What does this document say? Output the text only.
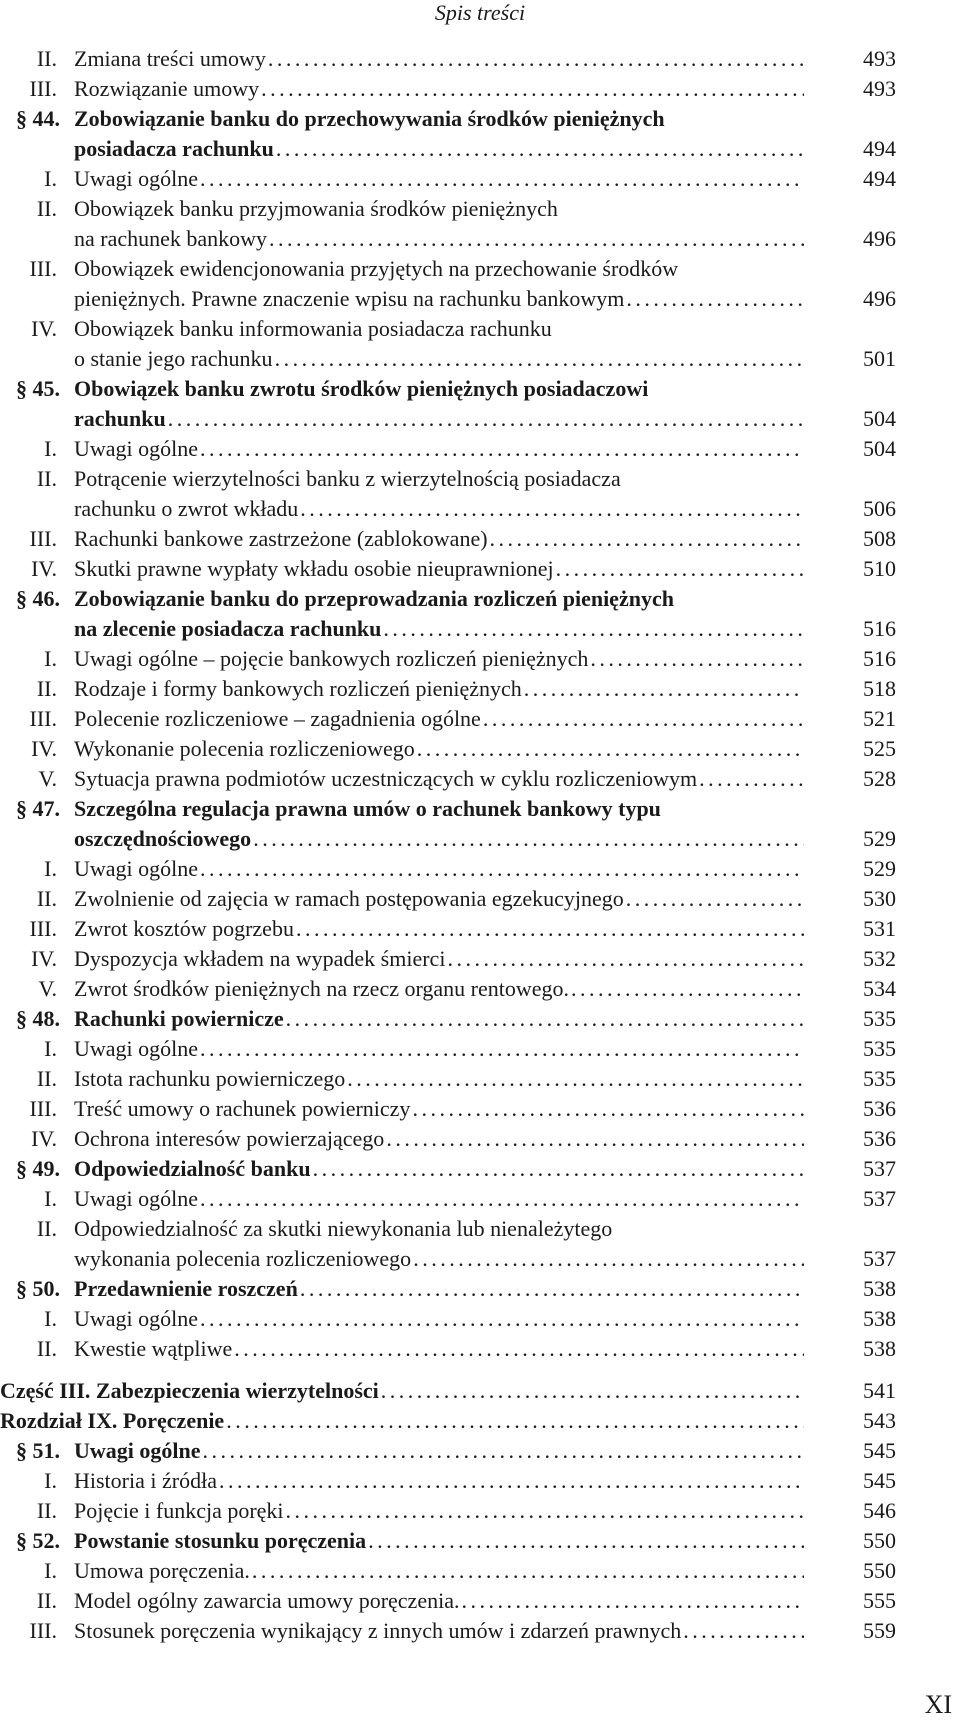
Spis treści
II. Zmiana treści umowy . . .	493
III. Rozwiązanie umowy . . .	493
§ 44. Zobowiązanie banku do przechowywania środków pieniężnych
posiadacza rachunku . . .	494
I. Uwagi ogólne . . .	494
II. Obowiązek banku przyjmowania środków pieniężnych
na rachunek bankowy . . .	496
III. Obowiązek ewidencjonowania przyjętych na przechowanie środków
pieniężnych. Prawne znaczenie wpisu na rachunku bankowym . . .	496
IV. Obowiązek banku informowania posiadacza rachunku
o stanie jego rachunku . . .	501
§ 45. Obowiązek banku zwrotu środków pieniężnych posiadaczowi
rachunku . . .	504
I. Uwagi ogólne . . .	504
II. Potrącenie wierzytelności banku z wierzytelnością posiadacza
rachunku o zwrot wkładu . . .	506
III. Rachunki bankowe zastrzeżone (zablokowane) . . .	508
IV. Skutki prawne wypłaty wkładu osobie nieuprawnionej . . .	510
§ 46. Zobowiązanie banku do przeprowadzania rozliczeń pieniężnych
na zlecenie posiadacza rachunku . . .	516
I. Uwagi ogólne – pojęcie bankowych rozliczeń pieniężnych . . .	516
II. Rodzaje i formy bankowych rozliczeń pieniężnych . . .	518
III. Polecenie rozliczeniowe – zagadnienia ogólne . . .	521
IV. Wykonanie polecenia rozliczeniowego . . .	525
V. Sytuacja prawna podmiotów uczestniczących w cyklu rozliczeniowym . . .	528
§ 47. Szczególna regulacja prawna umów o rachunek bankowy typu
oszczędnościowego . . .	529
I. Uwagi ogólne . . .	529
II. Zwolnienie od zajęcia w ramach postępowania egzekucyjnego . . .	530
III. Zwrot kosztów pogrzebu . . .	531
IV. Dyspozycja wkładem na wypadek śmierci . . .	532
V. Zwrot środków pieniężnych na rzecz organu rentowego. . . .	534
§ 48. Rachunki powiernicze . . .	535
I. Uwagi ogólne . . .	535
II. Istota rachunku powierniczego . . .	535
III. Treść umowy o rachunek powierniczy . . .	536
IV. Ochrona interesów powierzającego . . .	536
§ 49. Odpowiedzialność banku . . .	537
I. Uwagi ogólne . . .	537
II. Odpowiedzialność za skutki niewykonania lub nienależytego
wykonania polecenia rozliczeniowego . . .	537
§ 50. Przedawnienie roszczeń . . .	538
I. Uwagi ogólne . . .	538
II. Kwestie wątpliwe . . .	538
Część III. Zabezpieczenia wierzytelności . . .	541
Rozdział IX. Poręczenie . . .	543
§ 51. Uwagi ogólne . . .	545
I. Historia i źródła . . .	545
II. Pojęcie i funkcja poręki . . .	546
§ 52. Powstanie stosunku poręczenia . . .	550
I. Umowa poręczenia. . . .	550
II. Model ogólny zawarcia umowy poręczenia. . . .	555
III. Stosunek poręczenia wynikający z innych umów i zdarzeń prawnych . . .	559
XI
